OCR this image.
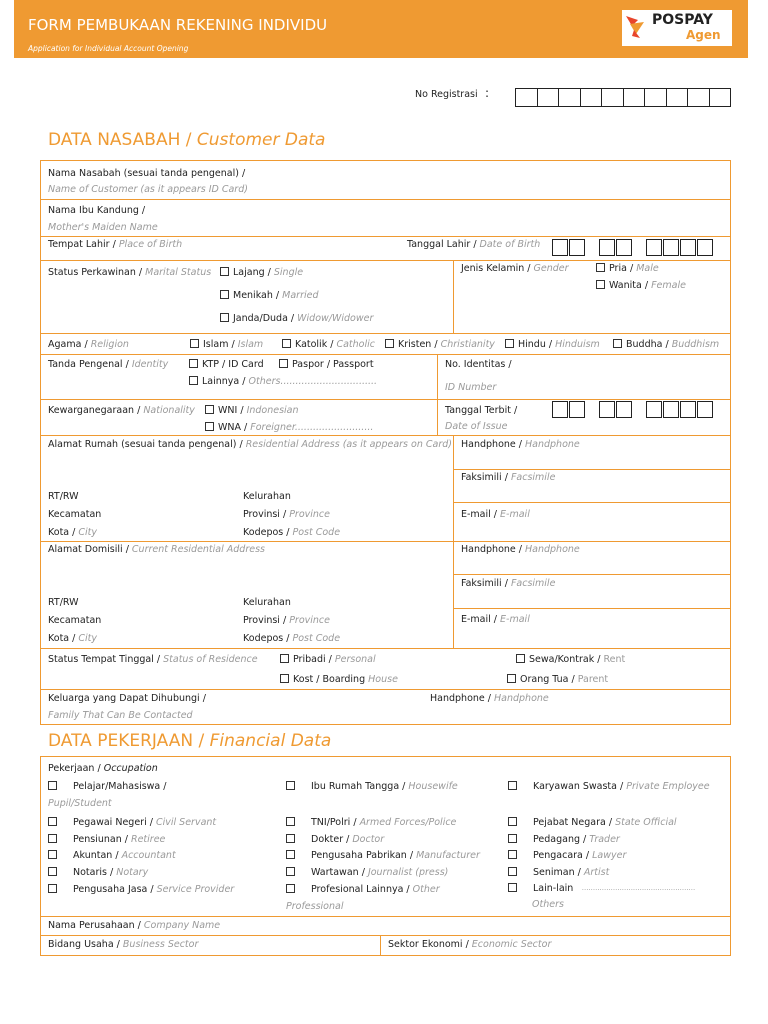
FORM PEMBUKAAN REKENING INDIVIDU
Application for Individual Account Opening
POSPAY
Agen
No Registrasi :
DATA NASABAH / Customer Data
Nama Nasabah (sesuai tanda pengenal) /
Name of Customer (as it appears ID Card)
Nama Ibu Kandung /
Mother's Maiden Name
Tempat Lahir / Place of Birth	Tanggal Lahir / Date of Birth
Status Perkawinan / Marital Status	Lajang / Single
Menikah / Married
Janda/Duda / Widow/Widower
Jenis Kelamin / Gender	Pria / Male
Wanita / Female
Agama / Religion	Islam / Islam	Katolik / Catholic	Kristen / Christianity	Hindu / Hinduism	Buddha / Buddhism
Tanda Pengenal / Identity	KTP / ID Card	Paspor / Passport
Lainnya / Others................................
No. Identitas /
ID Number
Kewarganegaraan / Nationality	WNI / Indonesian
WNA / Foreigner..........................
Tanggal Terbit /
Date of Issue
Alamat Rumah (sesuai tanda pengenal) / Residential Address (as it appears on Card)
RT/RW	Kelurahan
Kecamatan	Provinsi / Province
Kota / City	Kodepos / Post Code
Handphone / Handphone
Faksimili / Facsimile
E-mail / E-mail
Alamat Domisili / Current Residential Address
RT/RW	Kelurahan
Kecamatan	Provinsi / Province
Kota / City	Kodepos / Post Code
Handphone / Handphone
Faksimili / Facsimile
E-mail / E-mail
Status Tempat Tinggal / Status of Residence	Pribadi / Personal	Sewa/Kontrak / Rent
Kost / Boarding House	Orang Tua / Parent
Keluarga yang Dapat Dihubungi /
Family That Can Be Contacted
Handphone / Handphone
DATA PEKERJAAN / Financial Data
Pekerjaan / Occupation
Pelajar/Mahasiswa /
Pupil/Student
Pegawai Negeri / Civil Servant
Pensiunan / Retiree
Akuntan / Accountant
Notaris / Notary
Pengusaha Jasa / Service Provider
Ibu Rumah Tangga / Housewife
TNI/Polri / Armed Forces/Police
Dokter / Doctor
Pengusaha Pabrikan / Manufacturer
Wartawan / Journalist (press)
Profesional Lainnya / Other
Professional
Karyawan Swasta / Private Employee
Pejabat Negara / State Official
Pedagang / Trader
Pengacara / Lawyer
Seniman / Artist
Lain-lain ...................................................
Others
Nama Perusahaan / Company Name
Bidang Usaha / Business Sector	Sektor Ekonomi / Economic Sector
